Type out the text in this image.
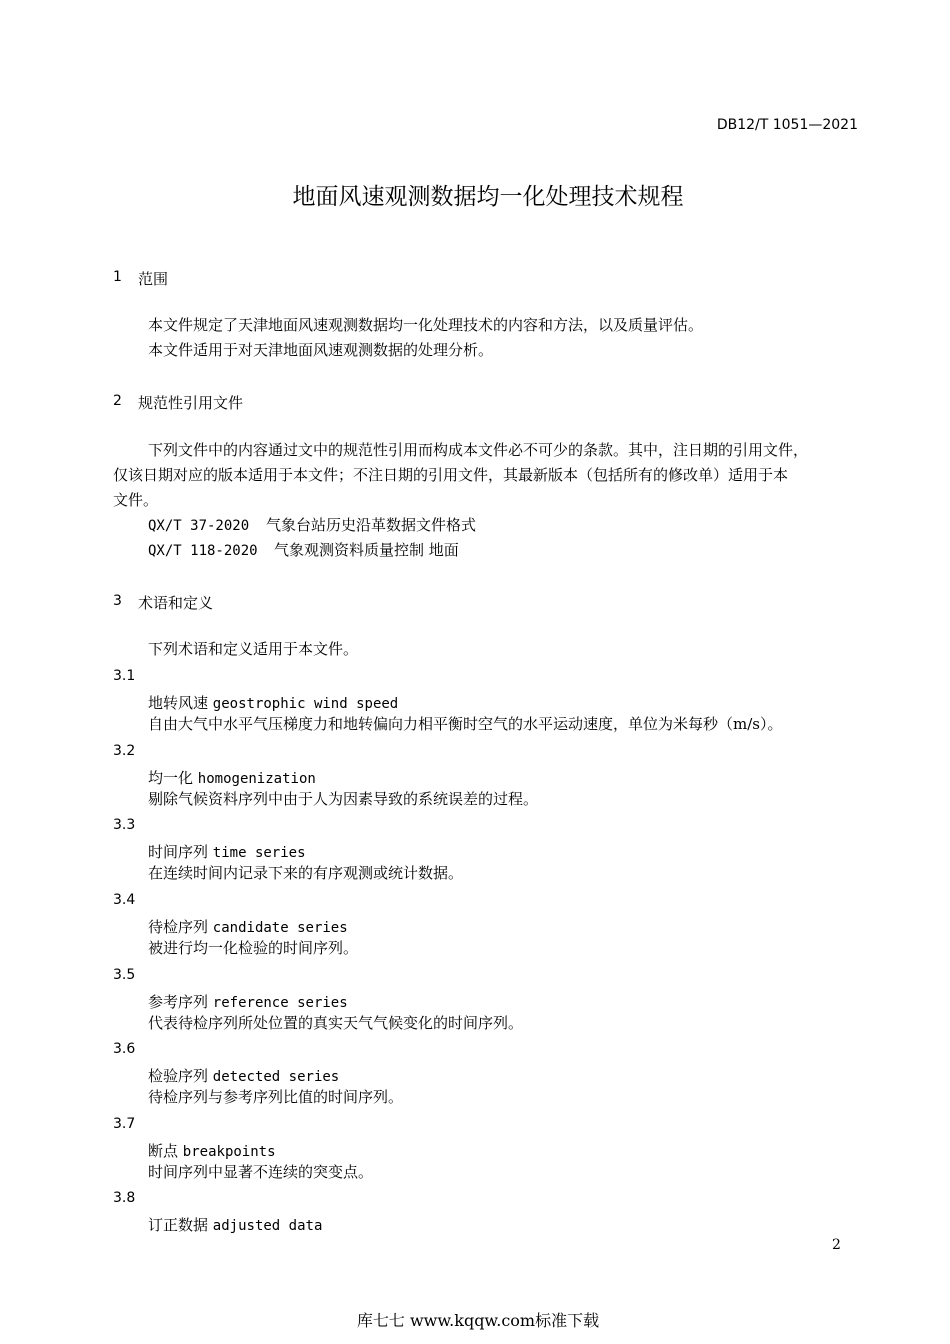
DB12/T 1051—2021
地面风速观测数据均一化处理技术规程
1 范围
本文件规定了天津地面风速观测数据均一化处理技术的内容和方法，以及质量评估。
本文件适用于对天津地面风速观测数据的处理分析。
2 规范性引用文件
下列文件中的内容通过文中的规范性引用而构成本文件必不可少的条款。其中，注日期的引用文件，
仅该日期对应的版本适用于本文件；不注日期的引用文件，其最新版本（包括所有的修改单）适用于本
文件。
QX/T 37-2020 气象台站历史沿革数据文件格式
QX/T 118-2020 气象观测资料质量控制 地面
3 术语和定义
下列术语和定义适用于本文件。
3.1
地转风速 geostrophic wind speed
自由大气中水平气压梯度力和地转偏向力相平衡时空气的水平运动速度，单位为米每秒（m/s）。
3.2
均一化 homogenization
剔除气候资料序列中由于人为因素导致的系统误差的过程。
3.3
时间序列 time series
在连续时间内记录下来的有序观测或统计数据。
3.4
待检序列 candidate series
被进行均一化检验的时间序列。
3.5
参考序列 reference series
代表待检序列所处位置的真实天气气候变化的时间序列。
3.6
检验序列 detected series
待检序列与参考序列比值的时间序列。
3.7
断点 breakpoints
时间序列中显著不连续的突变点。
3.8
订正数据 adjusted data
2
库七七 www.kqqw.com标准下载
